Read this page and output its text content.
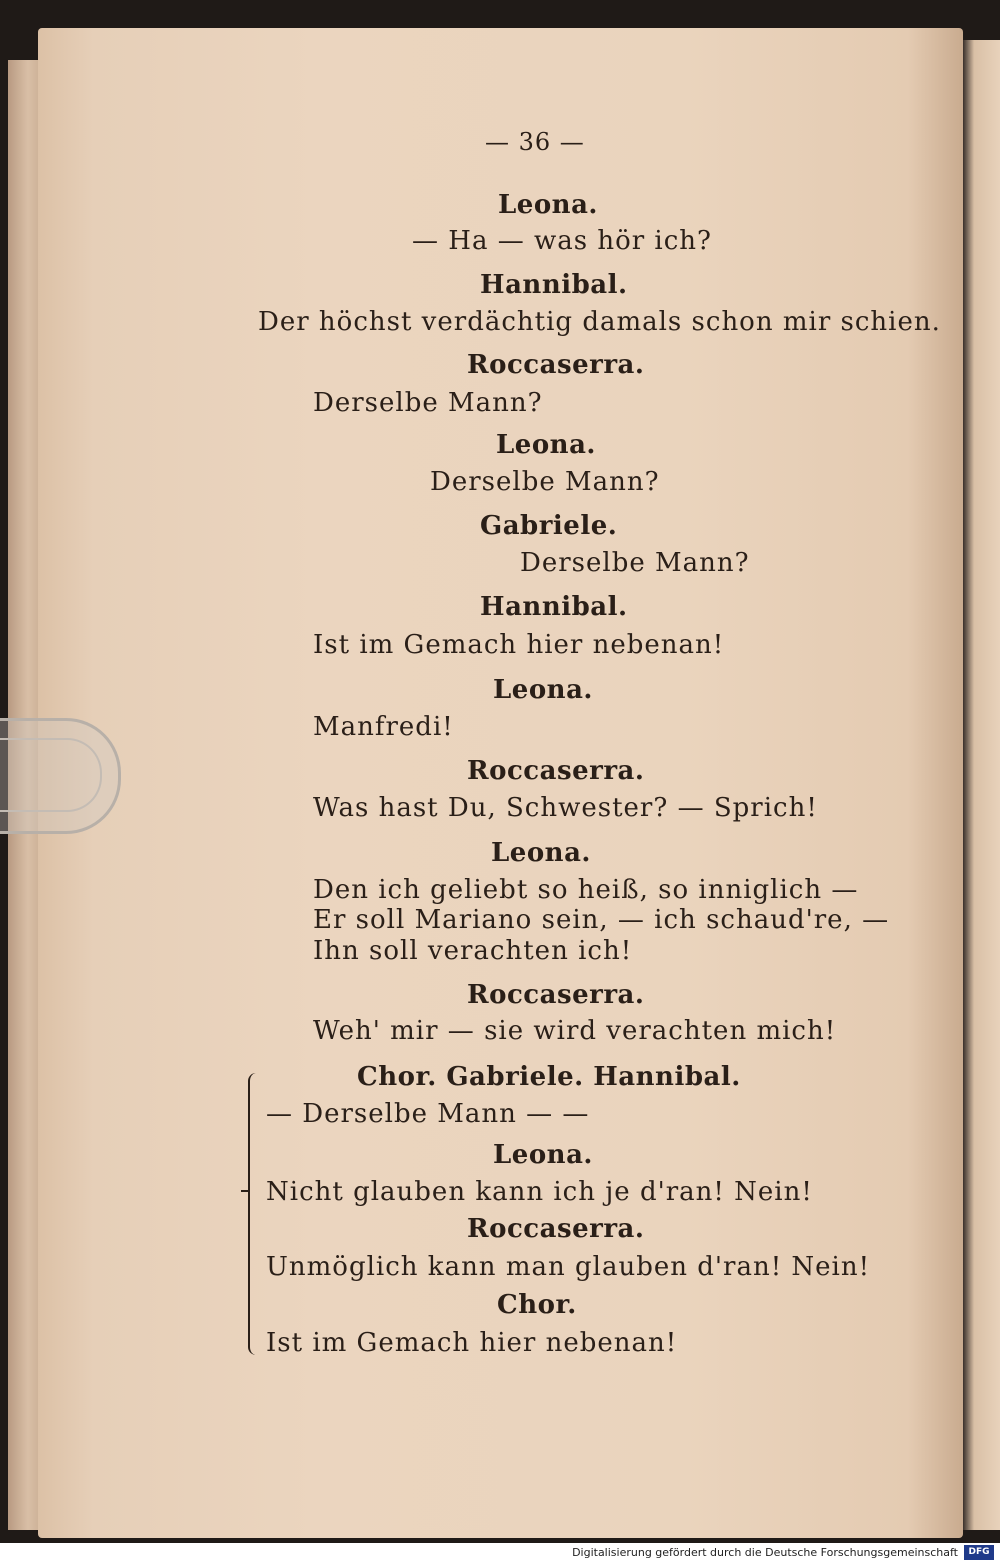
— 36 —
Leona.
— Ha — was hör ich?
Hannibal.
Der höchst verdächtig damals schon mir schien.
Roccaserra.
Derselbe Mann?
Leona.
Derselbe Mann?
Gabriele.
Derselbe Mann?
Hannibal.
Ist im Gemach hier nebenan!
Leona.
Manfredi!
Roccaserra.
Was hast Du, Schwester? — Sprich!
Leona.
Den ich geliebt so heiß, so inniglich —
Er soll Mariano sein, — ich schaud're, —
Ihn soll verachten ich!
Roccaserra.
Weh' mir — sie wird verachten mich!
Chor. Gabriele. Hannibal.
— Derselbe Mann — —
Leona.
Nicht glauben kann ich je d'ran! Nein!
Roccaserra.
Unmöglich kann man glauben d'ran! Nein!
Chor.
Ist im Gemach hier nebenan!
Digitalisierung gefördert durch die Deutsche Forschungsgemeinschaft	DFG
